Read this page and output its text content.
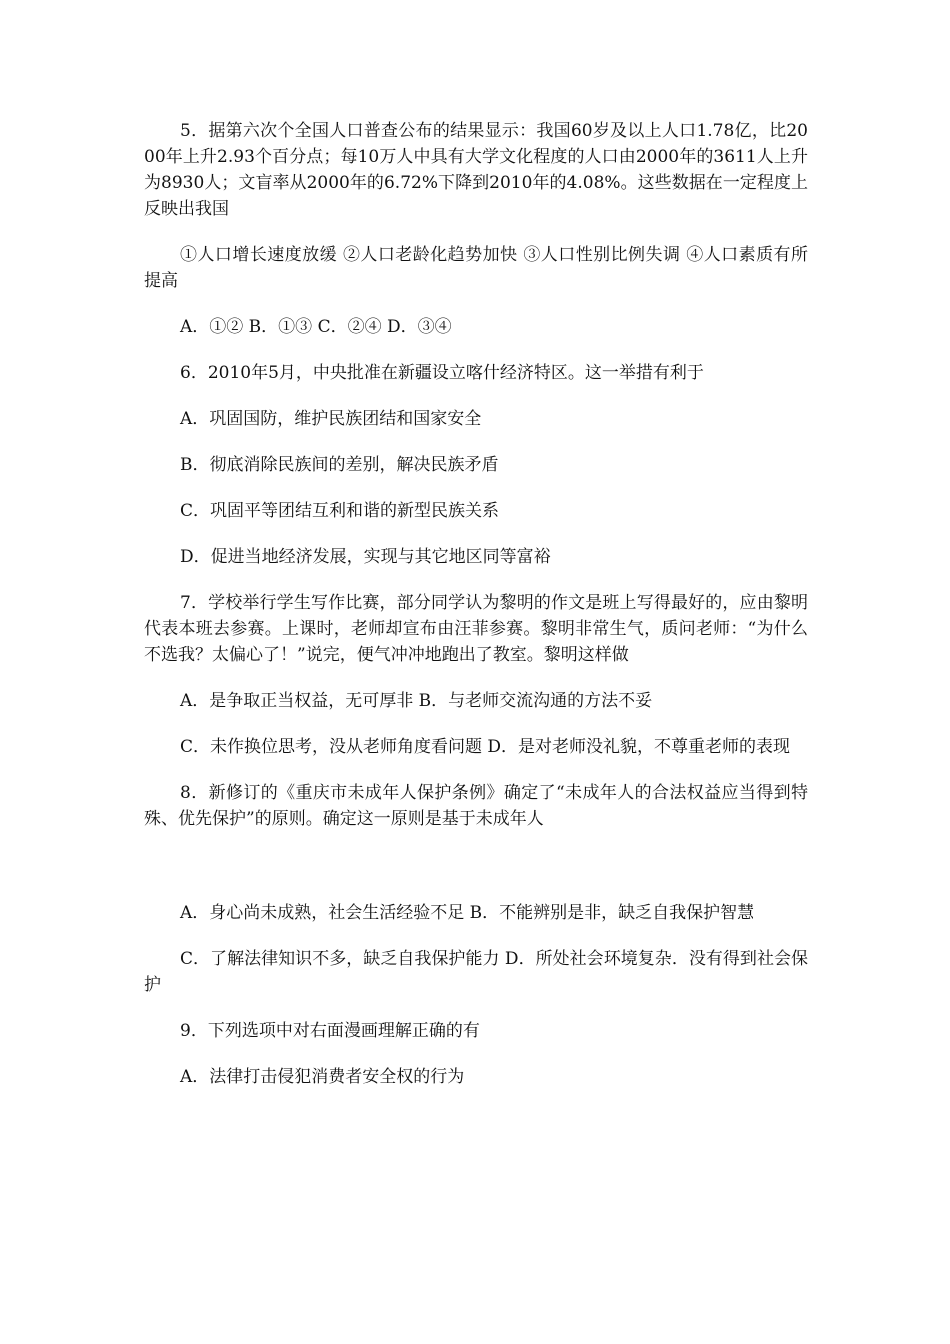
5．据第六次个全国人口普查公布的结果显示：我国60岁及以上人口1.78亿，比2000年上升2.93个百分点；每10万人中具有大学文化程度的人口由2000年的3611人上升为8930人；文盲率从2000年的6.72%下降到2010年的4.08%。这些数据在一定程度上反映出我国

①人口增长速度放缓 ②人口老龄化趋势加快 ③人口性别比例失调 ④人口素质有所提高

A．①② B．①③ C．②④ D．③④

6．2010年5月，中央批准在新疆设立喀什经济特区。这一举措有利于

A．巩固国防，维护民族团结和国家安全

B．彻底消除民族间的差别，解决民族矛盾

C．巩固平等团结互利和谐的新型民族关系

D．促进当地经济发展，实现与其它地区同等富裕

7．学校举行学生写作比赛，部分同学认为黎明的作文是班上写得最好的，应由黎明代表本班去参赛。上课时，老师却宣布由汪菲参赛。黎明非常生气，质问老师：“为什么不选我？太偏心了！”说完，便气冲冲地跑出了教室。黎明这样做

A．是争取正当权益，无可厚非 B．与老师交流沟通的方法不妥

C．未作换位思考，没从老师角度看问题 D．是对老师没礼貌，不尊重老师的表现

8．新修订的《重庆市未成年人保护条例》确定了“未成年人的合法权益应当得到特殊、优先保护”的原则。确定这一原则是基于未成年人

A．身心尚未成熟，社会生活经验不足 B．不能辨别是非，缺乏自我保护智慧

C．了解法律知识不多，缺乏自我保护能力 D．所处社会环境复杂．没有得到社会保护

9．下列选项中对右面漫画理解正确的有

A．法律打击侵犯消费者安全权的行为
